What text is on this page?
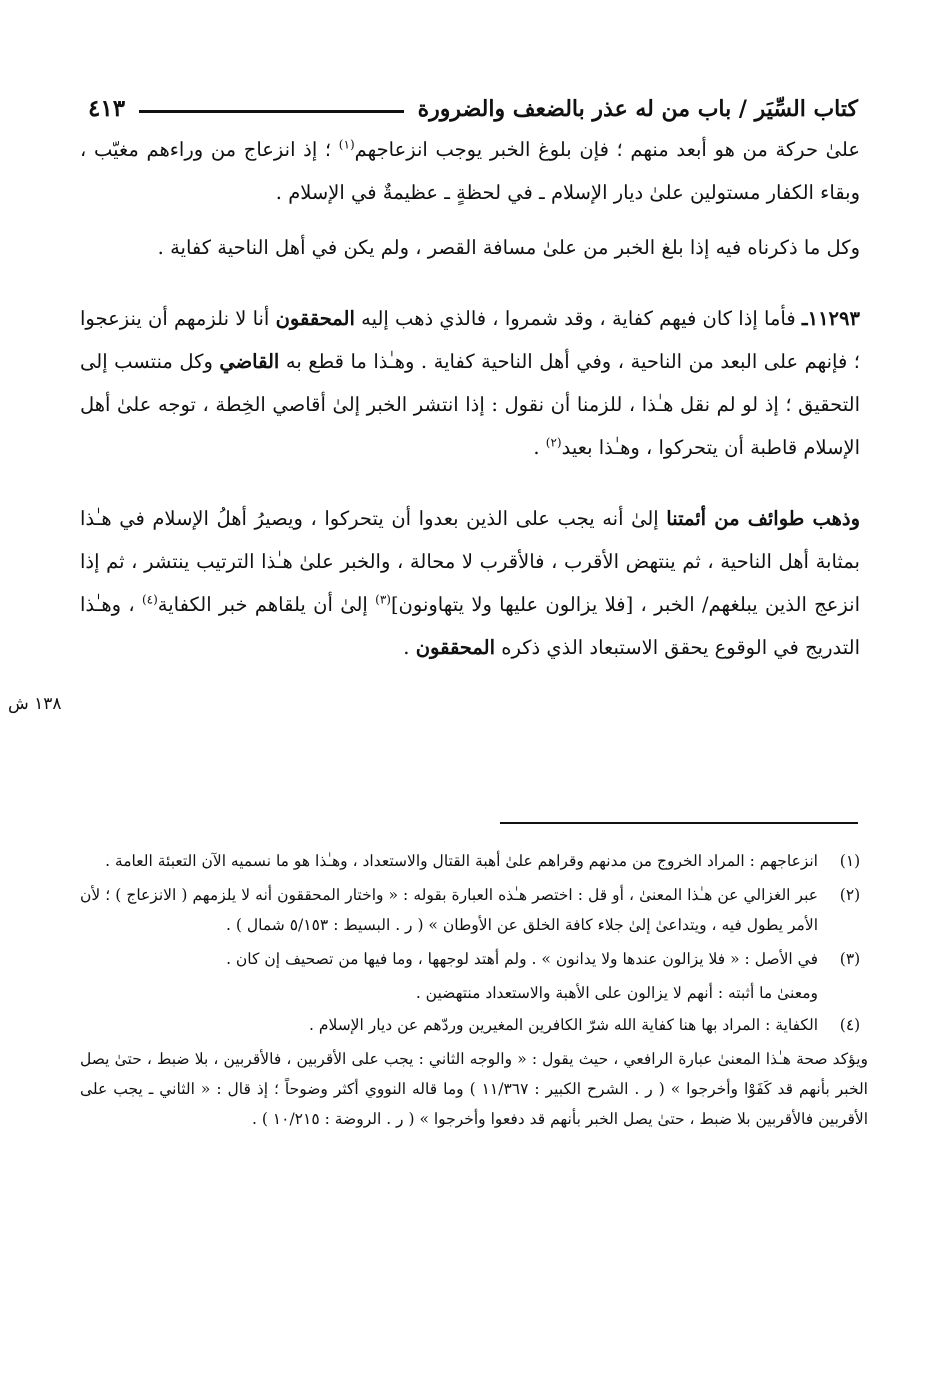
كتاب السِّيَر / باب من له عذر بالضعف والضرورة
٤١٣

علىٰ حركة من هو أبعد منهم ؛ فإن بلوغ الخبر يوجب انزعاجهم$^{(١)}$ ؛ إذ انزعاج من وراءهم مغيّب ، وبقاء الكفار مستولين علىٰ ديار الإسلام ـ في لحظةٍ ـ عظيمةٌ في الإسلام .

وكل ما ذكرناه فيه إذا بلغ الخبر من علىٰ مسافة القصر ، ولم يكن في أهل الناحية كفاية .

١١٢٩٣ـ فأما إذا كان فيهم كفاية ، وقد شمروا ، فالذي ذهب إليه المحققون أنا لا نلزمهم أن ينزعجوا ؛ فإنهم على البعد من الناحية ، وفي أهل الناحية كفاية . وهـٰذا ما قطع به القاضي وكل منتسب إلى التحقيق ؛ إذ لو لم نقل هـٰذا ، للزمنا أن نقول : إذا انتشر الخبر إلىٰ أقاصي الخِطة ، توجه علىٰ أهل الإسلام قاطبة أن يتحركوا ، وهـٰذا بعيد$^{(٢)}$ .

وذهب طوائف من أئمتنا إلىٰ أنه يجب على الذين بعدوا أن يتحركوا ، ويصيرُ أهلُ الإسلام في هـٰذا بمثابة أهل الناحية ، ثم ينتهض الأقرب ، فالأقرب لا محالة ، والخبر علىٰ هـٰذا الترتيب ينتشر ، ثم إذا انزعج الذين يبلغهم/ الخبر ، [فلا يزالون عليها ولا يتهاونون]$^{(٣)}$ إلىٰ أن يلقاهم خبر الكفاية$^{(٤)}$ ، وهـٰذا التدريج في الوقوع يحقق الاستبعاد الذي ذكره المحققون .

١٣٨ ش
(١)
انزعاجهم : المراد الخروج من مدنهم وقراهم علىٰ أهبة القتال والاستعداد ، وهـٰذا هو ما نسميه الآن التعبئة العامة .
(٢)
عبر الغزالي عن هـٰذا المعنىٰ ، أو قل : اختصر هـٰذه العبارة بقوله : « واختار المحققون أنه لا يلزمهم ( الانزعاج ) ؛ لأن الأمر يطول فيه ، ويتداعىٰ إلىٰ جلاء كافة الخلق عن الأوطان » ( ر . البسيط : ٥/١٥٣ شمال ) .
(٣)
في الأصل : « فلا يزالون عندها ولا يدانون » . ولم أهتد لوجهها ، وما فيها من تصحيف إن كان .
ومعنىٰ ما أثبته : أنهم لا يزالون على الأهبة والاستعداد منتهضين .
(٤)
الكفاية : المراد بها هنا كفاية الله شرّ الكافرين المغيرين وردّهم عن ديار الإسلام .
ويؤكد صحة هـٰذا المعنىٰ عبارة الرافعي ، حيث يقول : « والوجه الثاني : يجب على الأقربين ، فالأقربين ، بلا ضبط ، حتىٰ يصل الخبر بأنهم قد كَفَوْا وأخرجوا » ( ر . الشرح الكبير : ١١/٣٦٧ ) وما قاله النووي أكثر وضوحاً ؛ إذ قال : « الثاني ـ يجب على الأقربين فالأقربين بلا ضبط ، حتىٰ يصل الخبر بأنهم قد دفعوا وأخرجوا » ( ر . الروضة : ١٠/٢١٥ ) .
